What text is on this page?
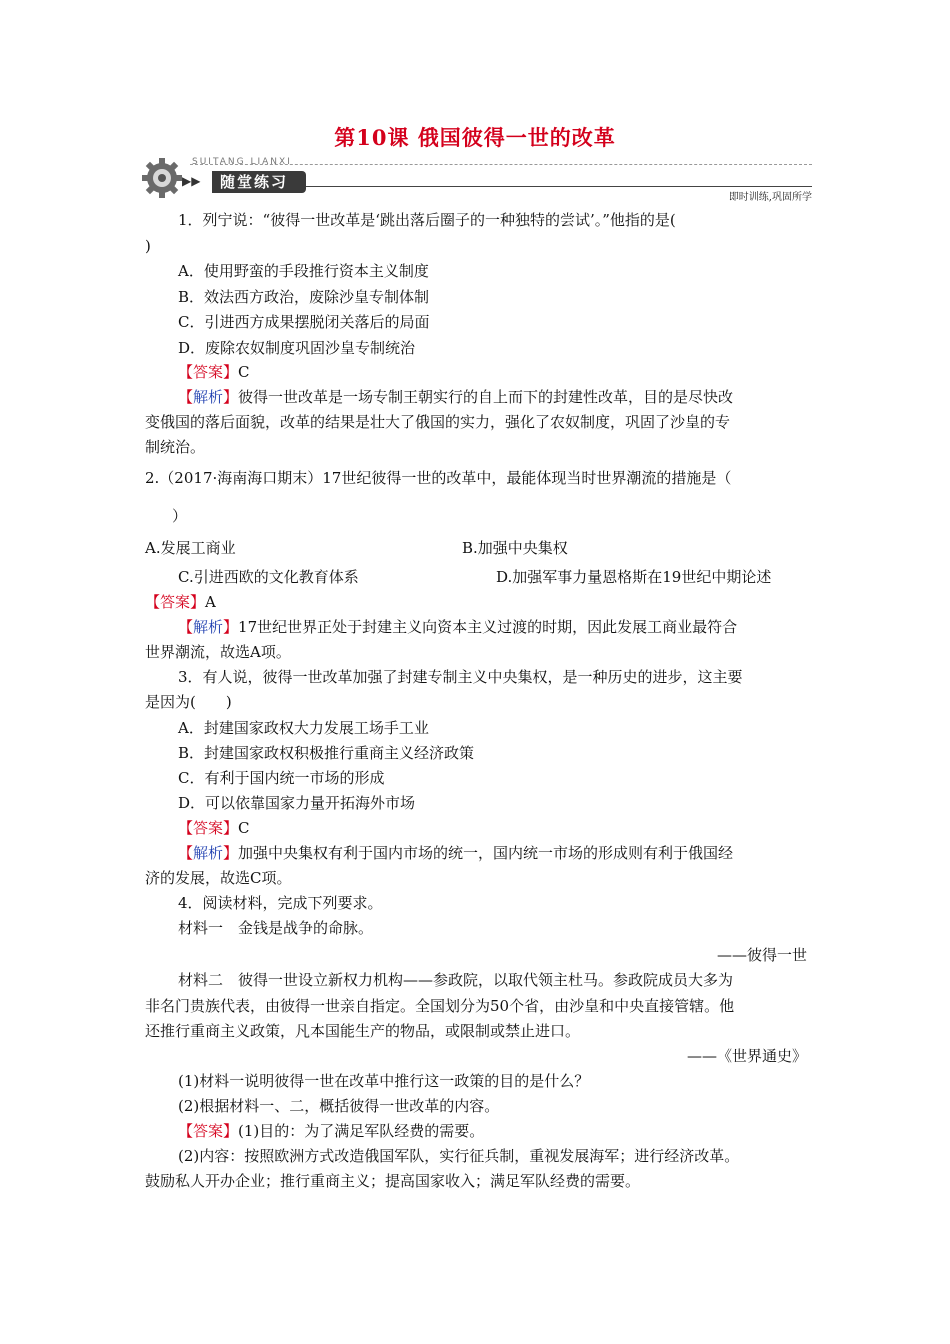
第10课 俄国彼得一世的改革
SUITANG LIANXI
▶▶	随堂练习
即时训练,巩固所学
1．列宁说：“彼得一世改革是‘跳出落后圈子的一种独特的尝试’。”他指的是(
)
A．使用野蛮的手段推行资本主义制度
B．效法西方政治，废除沙皇专制体制
C．引进西方成果摆脱闭关落后的局面
D．废除农奴制度巩固沙皇专制统治
【答案】C
【解析】彼得一世改革是一场专制王朝实行的自上而下的封建性改革，目的是尽快改
变俄国的落后面貌，改革的结果是壮大了俄国的实力，强化了农奴制度，巩固了沙皇的专
制统治。
2.（2017·海南海口期末）17世纪彼得一世的改革中，最能体现当时世界潮流的措施是（
）
A.发展工商业	B.加强中央集权
C.引进西欧的文化教育体系	D.加强军事力量恩格斯在19世纪中期论述
【答案】A
【解析】17世纪世界正处于封建主义向资本主义过渡的时期，因此发展工商业最符合
世界潮流，故选A项。
3．有人说，彼得一世改革加强了封建专制主义中央集权，是一种历史的进步，这主要
是因为(　　)
A．封建国家政权大力发展工场手工业
B．封建国家政权积极推行重商主义经济政策
C．有利于国内统一市场的形成
D．可以依靠国家力量开拓海外市场
【答案】C
【解析】加强中央集权有利于国内市场的统一，国内统一市场的形成则有利于俄国经
济的发展，故选C项。
4．阅读材料，完成下列要求。
材料一　金钱是战争的命脉。
——彼得一世
材料二　彼得一世设立新权力机构——参政院，以取代领主杜马。参政院成员大多为
非名门贵族代表，由彼得一世亲自指定。全国划分为50个省，由沙皇和中央直接管辖。他
还推行重商主义政策，凡本国能生产的物品，或限制或禁止进口。
——《世界通史》
(1)材料一说明彼得一世在改革中推行这一政策的目的是什么？
(2)根据材料一、二，概括彼得一世改革的内容。
【答案】(1)目的：为了满足军队经费的需要。
(2)内容：按照欧洲方式改造俄国军队，实行征兵制，重视发展海军；进行经济改革。
鼓励私人开办企业；推行重商主义；提高国家收入；满足军队经费的需要。
